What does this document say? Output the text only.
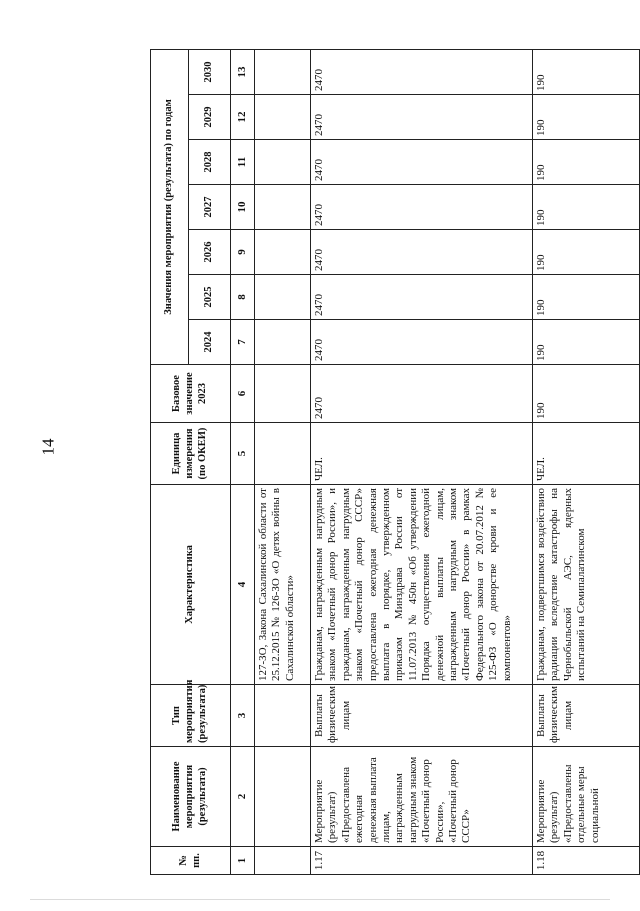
14
№ пп.	Наименование мероприятия (результата)	Тип мероприятия (результата)	Характеристика	Единица измерения (по ОКЕИ)	Базовое значение 2023	Значения мероприятия (результата) по годам						
						2024	2025	2026	2027	2028	2029	2030
1	2	3	4	5	6	7	8	9	10	11	12	13
			127-ЗО, Закона Сахалинской области от 25.12.2015 № 126-ЗО «О детях войны в Сахалинской области»									
1.17	Мероприятие (результат) «Предоставлена ежегодная денежная выплата лицам, награжденным нагрудным знаком «Почетный донор России», «Почетный донор СССР»	Выплаты физическим лицам	Гражданам, награжденным нагрудным знаком «Почетный донор России», и гражданам, награжденным нагрудным знаком «Почетный донор СССР» предоставлена ежегодная денежная выплата в порядке, утвержденном приказом Минздрава России от 11.07.2013 № 450н «Об утверждении Порядка осуществления ежегодной денежной выплаты лицам, награжденным нагрудным знаком «Почетный донор России» в рамках Федерального закона от 20.07.2012 № 125-ФЗ «О донорстве крови и ее компонентов»	ЧЕЛ.	2470	2470	2470	2470	2470	2470	2470	2470
1.18	Мероприятие (результат) «Предоставлены отдельные меры социальной	Выплаты физическим лицам	Гражданам, подвергшимся воздействию радиации вследствие катастрофы на Чернобыльской АЭС, ядерных испытаний на Семипалатинском	ЧЕЛ.	190	190	190	190	190	190	190	190
